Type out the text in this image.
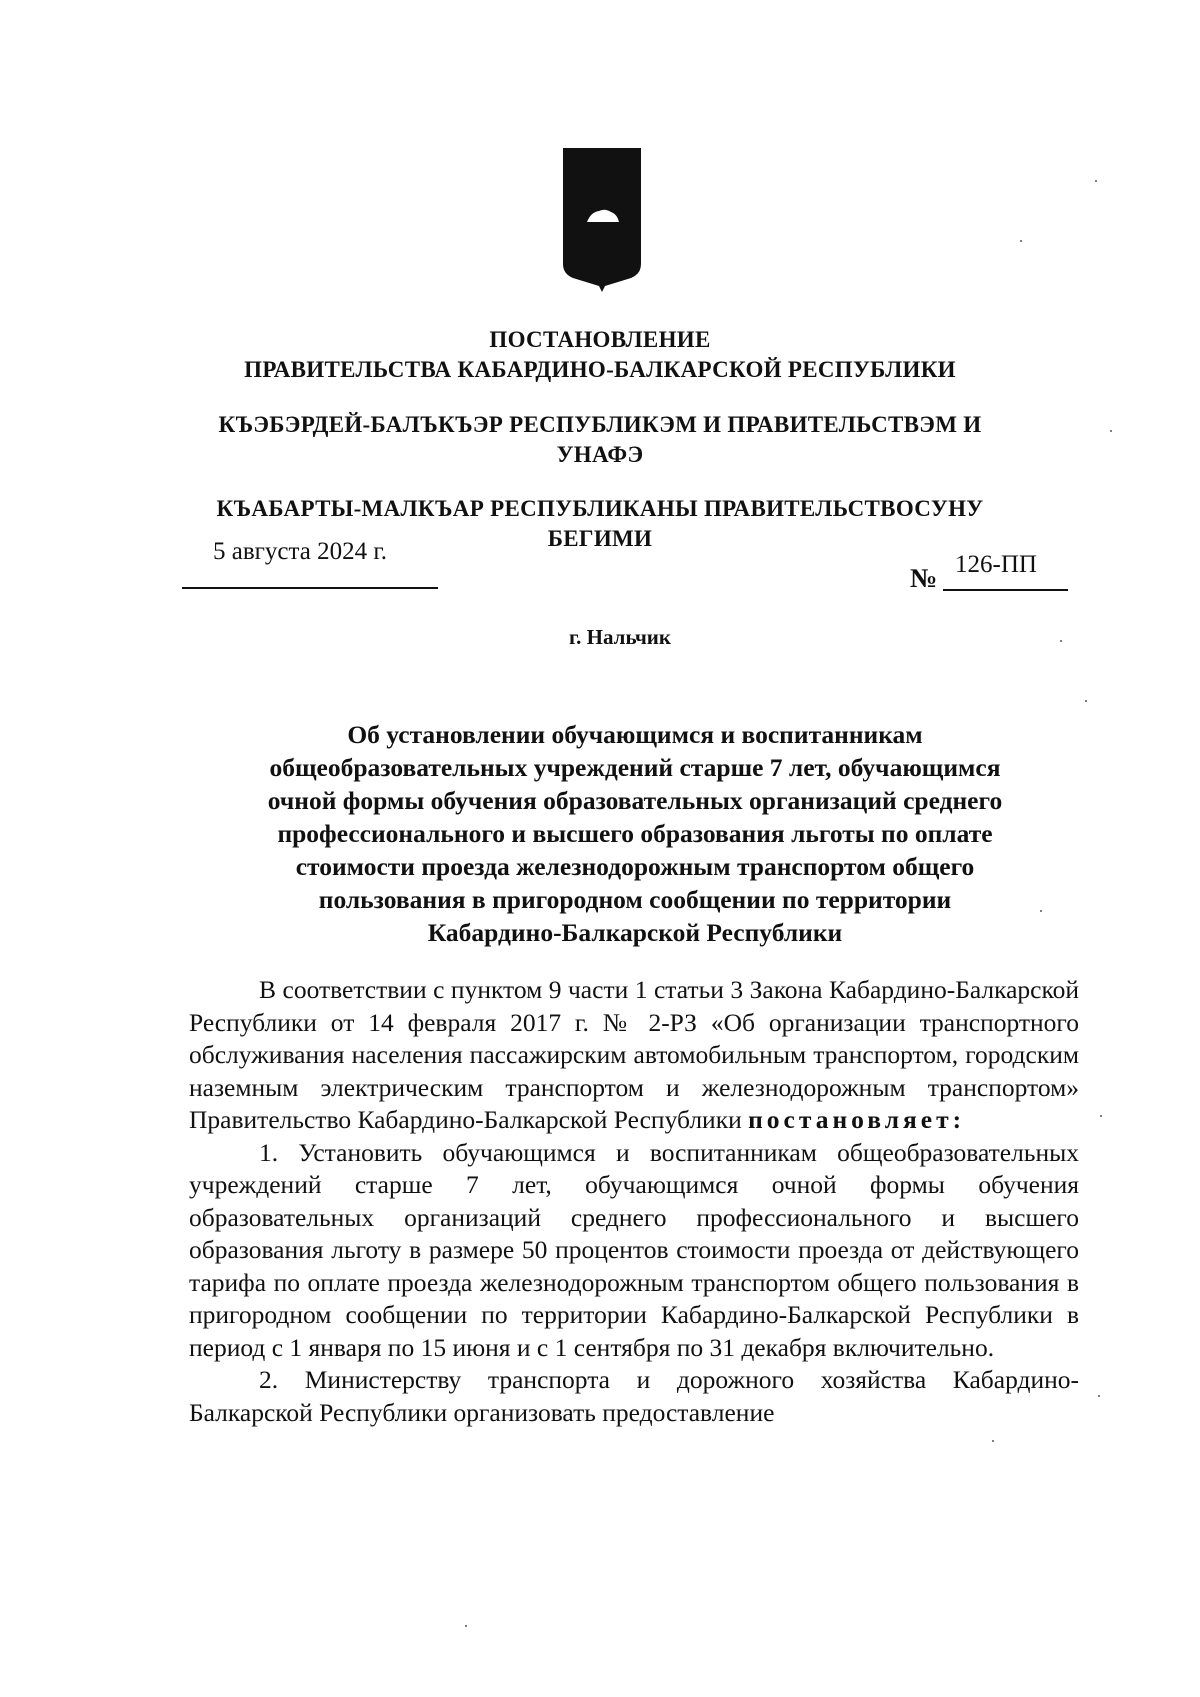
ПОСТАНОВЛЕНИЕ
ПРАВИТЕЛЬСТВА КАБАРДИНО-БАЛКАРСКОЙ РЕСПУБЛИКИ
КЪЭБЭРДЕЙ-БАЛЪКЪЭР РЕСПУБЛИКЭМ И ПРАВИТЕЛЬСТВЭМ И
УНАФЭ
КЪАБАРТЫ-МАЛКЪАР РЕСПУБЛИКАНЫ ПРАВИТЕЛЬСТВОСУНУ
БЕГИМИ
5 августа 2024 г.
№ 126-ПП
г. Нальчик
Об установлении обучающимся и воспитанникам
общеобразовательных учреждений старше 7 лет, обучающимся
очной формы обучения образовательных организаций среднего
профессионального и высшего образования льготы по оплате
стоимости проезда железнодорожным транспортом общего
пользования в пригородном сообщении по территории
Кабардино-Балкарской Республики

В соответствии с пунктом 9 части 1 статьи 3 Закона Кабардино-Балкарской Республики от 14 февраля 2017 г. № 2-РЗ «Об организации транспортного обслуживания населения пассажирским автомобильным транспортом, городским наземным электрическим транспортом и железнодорожным транспортом» Правительство Кабардино-Балкарской Республики постановляет:

1. Установить обучающимся и воспитанникам общеобразовательных учреждений старше 7 лет, обучающимся очной формы обучения образовательных организаций среднего профессионального и высшего образования льготу в размере 50 процентов стоимости проезда от действующего тарифа по оплате проезда железнодорожным транспортом общего пользования в пригородном сообщении по территории Кабардино-Балкарской Республики в период с 1 января по 15 июня и с 1 сентября по 31 декабря включительно.

2. Министерству транспорта и дорожного хозяйства Кабардино-Балкарской Республики организовать предоставление
